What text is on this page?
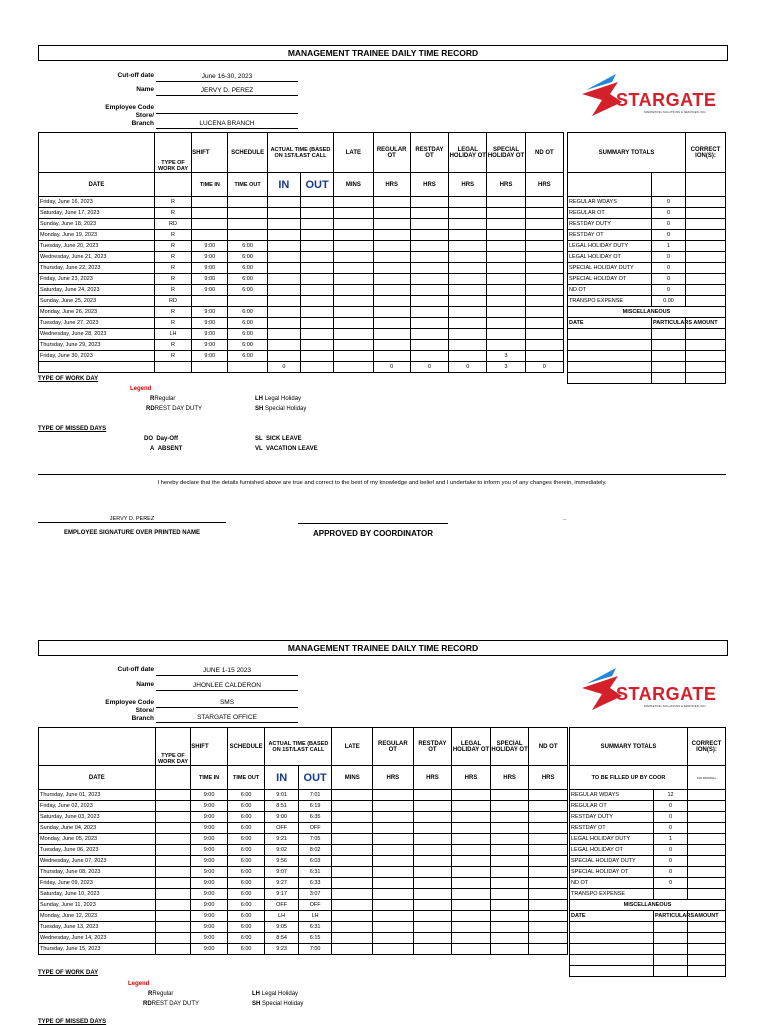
MANAGEMENT TRAINEE DAILY TIME RECORD
Cut-off date	June 16-30, 2023
Name	JERVY D. PEREZ
Employee Code
Store/
Branch	LUCENA BRANCH
STARGATE
MARKETING SOLUTIONS & SERVICES, INC.
	TYPE OF WORK DAY	SHIFT	SCHEDULE	ACTUAL TIME (BASED ON 1ST/LAST CALL		LATE	REGULAR OT	RESTDAY OT	LEGAL HOLIDAY OT	SPECIAL HOLIDAY OT	ND OT
DATE		TIME IN	TIME OUT	IN	OUT	MINS	HRS	HRS	HRS	HRS	HRS
Friday, June 16, 2023	R										
Saturday, June 17, 2023	R										
Sunday, June 18, 2023	RD										
Monday, June 19, 2023	R										
Tuesday, June 20, 2023	R	9:00	6:00								
Wednesday, June 21, 2023	R	9:00	6:00								
Thursday, June 22, 2023	R	9:00	6:00								
Friday, June 23, 2023	R	9:00	6:00								
Saturday, June 24, 2023	R	9:00	6:00								
Sunday, June 25, 2023	RD										
Monday, June 26, 2023	R	9:00	6:00								
Tuesday, June 27, 2023	R	9:00	6:00								
Wednesday, June 28, 2023	LH	9:00	6:00								
Thursday, June 29, 2023	R	9:00	6:00								
Friday, June 30, 2023	R	9:00	6:00							3	
				0			0	0	0	3	0
SUMMARY TOTALS		CORRECT ION(S):

REGULAR WDAYS	0	
REGULAR OT	0	
RESTDAY DUTY	0	
RESTDAY OT	0	
LEGAL HOLIDAY DUTY	1	
LEGAL HOLIDAY OT	0	
SPECIAL HOLIDAY DUTY	0	
SPECIAL HOLIDAY OT	0	
ND OT	0	
TRANSPO EXPENSE	0.00	
MISCELLANEOUS		
DATE	PARTICULARS	AMOUNT

TYPE OF WORK DAY
Legend
RRegular
RDREST DAY DUTY
LH Legal Holiday
SH Special Holiday
TYPE OF MISSED DAYS
DO Day-Off
A ABSENT
SL SICK LEAVE
VL VACATION LEAVE
I hereby declare that the details furnished above are true and correct to the best of my knowledge and belief and I undertake to inform you of any changes therein, immediately.
JERVY D. PEREZ
EMPLOYEE SIGNATURE OVER PRINTED NAME	APPROVED BY COORDINATOR
_
MANAGEMENT TRAINEE DAILY TIME RECORD
Cut-off date	JUNE 1-15 2023
Name	JHONLEE CALDERON
Employee Code	SMS
Store/
Branch	STARGATE OFFICE
STARGATE
MARKETING SOLUTIONS & SERVICES, INC.
	TYPE OF WORK DAY	SHIFT	SCHEDULE	ACTUAL TIME (BASED ON 1ST/LAST CALL		LATE	REGULAR OT	RESTDAY OT	LEGAL HOLIDAY OT	SPECIAL HOLIDAY OT	ND OT
DATE		TIME IN	TIME OUT	IN	OUT	MINS	HRS	HRS	HRS	HRS	HRS
Thursday, June 01, 2023		9:00	6:00	9:01	7:01						
Friday, June 02, 2023		9:00	6:00	8:51	6:19						
Saturday, June 03, 2023		9:00	6:00	9:00	6:35						
Sunday, June 04, 2023		9:00	6:00	OFF	OFF						
Monday, June 05, 2023		9:00	6:00	9:21	7:05						
Tuesday, June 06, 2023		9:00	6:00	9:02	8:02						
Wednesday, June 07, 2023		9:00	6:00	9:56	6:03						
Thursday, June 08, 2023		9:00	6:00	9:07	6:31						
Friday, June 09, 2023		9:00	6:00	9:27	6:33						
Saturday, June 10, 2023		9:00	6:00	9:17	3:07						
Sunday, June 11, 2023		9:00	6:00	OFF	OFF						
Monday, June 12, 2023		9:00	6:00	LH	LH						
Tuesday, June 13, 2023		9:00	6:00	9:05	6:31						
Wednesday, June 14, 2023		9:00	6:00	8:54	6:15						
Thursday, June 15, 2023		9:00	6:00	9:23	7:00						
SUMMARY TOTALS		CORRECT ION(S):
TO BE FILLED UP BY COOR		C/O PAYROLL
REGULAR WDAYS	12	
REGULAR OT	0	
RESTDAY DUTY	0	
RESTDAY OT	0	
LEGAL HOLIDAY DUTY	1	
LEGAL HOLIDAY OT	0	
SPECIAL HOLIDAY DUTY	0	
SPECIAL HOLIDAY OT	0	
ND OT	0	
TRANSPO EXPENSE		
MISCELLANEOUS		
DATE	PARTICULARS	AMOUNT

TYPE OF WORK DAY
Legend
RRegular
RDREST DAY DUTY
LH Legal Holiday
SH Special Holiday
TYPE OF MISSED DAYS
